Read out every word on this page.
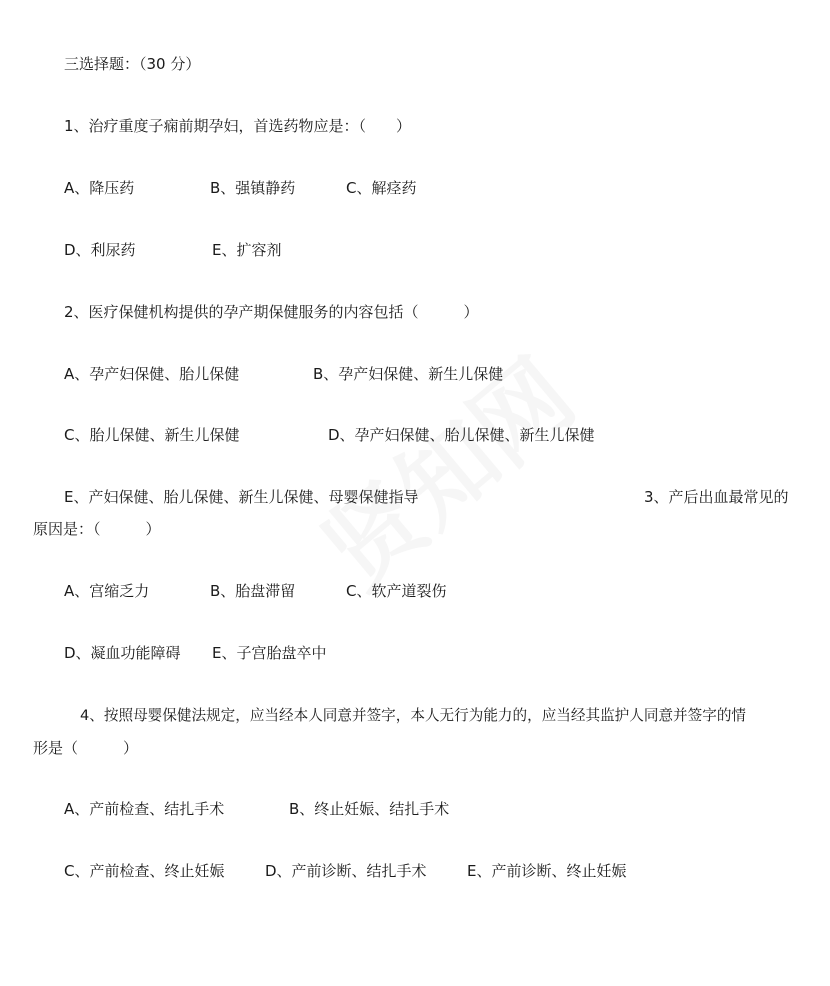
三选择题：（30 分）
1、治疗重度子痫前期孕妇，首选药物应是：（　　）
A、降压药	B、强镇静药	C、解痉药
D、利尿药	E、扩容剂
2、医疗保健机构提供的孕产期保健服务的内容包括（　　　）
A、孕产妇保健、胎儿保健	B、孕产妇保健、新生儿保健
C、胎儿保健、新生儿保健	D、孕产妇保健、胎儿保健、新生儿保健
E、产妇保健、胎儿保健、新生儿保健、母婴保健指导	3、产后出血最常见的
原因是：（　　　）
A、宫缩乏力	B、胎盘滞留	C、软产道裂伤
D、凝血功能障碍 E、子宫胎盘卒中
4、按照母婴保健法规定，应当经本人同意并签字，本人无行为能力的，应当经其监护人同意并签字的情
形是（　　　）
A、产前检查、结扎手术	B、终止妊娠、结扎手术
C、产前检查、终止妊娠	D、产前诊断、结扎手术	E、产前诊断、终止妊娠
